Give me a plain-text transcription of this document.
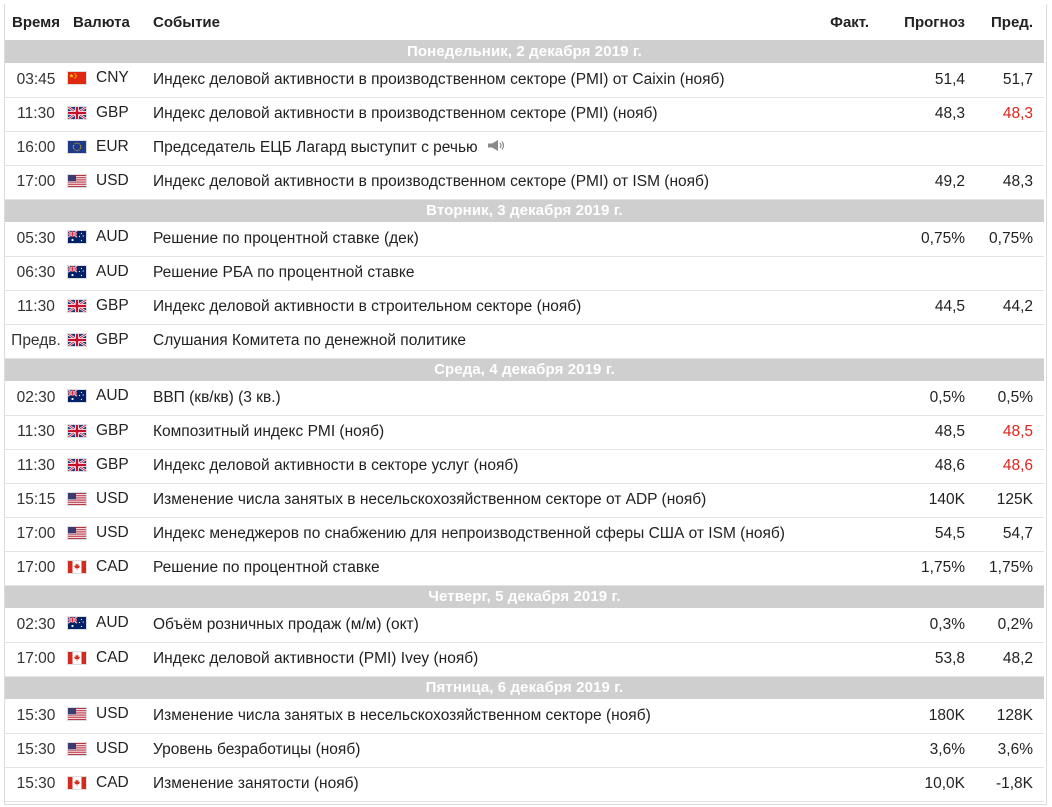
Время	Валюта	Событие	Факт.	Прогноз	Пред.	
Понедельник, 2 декабря 2019 г.						
03:45	CNY	Индекс деловой активности в производственном секторе (PMI) от Caixin (нояб)		51,4	51,7	
11:30	GBP	Индекс деловой активности в производственном секторе (PMI) (нояб)		48,3	48,3	
16:00	EUR	Председатель ЕЦБ Лагард выступит с речью				
17:00	USD	Индекс деловой активности в производственном секторе (PMI) от ISM (нояб)		49,2	48,3	
Вторник, 3 декабря 2019 г.						
05:30	AUD	Решение по процентной ставке (дек)		0,75%	0,75%	
06:30	AUD	Решение РБА по процентной ставке				
11:30	GBP	Индекс деловой активности в строительном секторе (нояб)		44,5	44,2	
Предв.	GBP	Слушания Комитета по денежной политике				
Среда, 4 декабря 2019 г.						
02:30	AUD	ВВП (кв/кв) (3 кв.)		0,5%	0,5%	
11:30	GBP	Композитный индекс PMI (нояб)		48,5	48,5	
11:30	GBP	Индекс деловой активности в секторе услуг (нояб)		48,6	48,6	
15:15	USD	Изменение числа занятых в несельскохозяйственном секторе от ADP (нояб)		140K	125K	
17:00	USD	Индекс менеджеров по снабжению для непроизводственной сферы США от ISM (нояб)		54,5	54,7	
17:00	CAD	Решение по процентной ставке		1,75%	1,75%	
Четверг, 5 декабря 2019 г.						
02:30	AUD	Объём розничных продаж (м/м) (окт)		0,3%	0,2%	
17:00	CAD	Индекс деловой активности (PMI) Ivey (нояб)		53,8	48,2	
Пятница, 6 декабря 2019 г.						
15:30	USD	Изменение числа занятых в несельскохозяйственном секторе (нояб)		180K	128K	
15:30	USD	Уровень безработицы (нояб)		3,6%	3,6%	
15:30	CAD	Изменение занятости (нояб)		10,0K	-1,8K	
